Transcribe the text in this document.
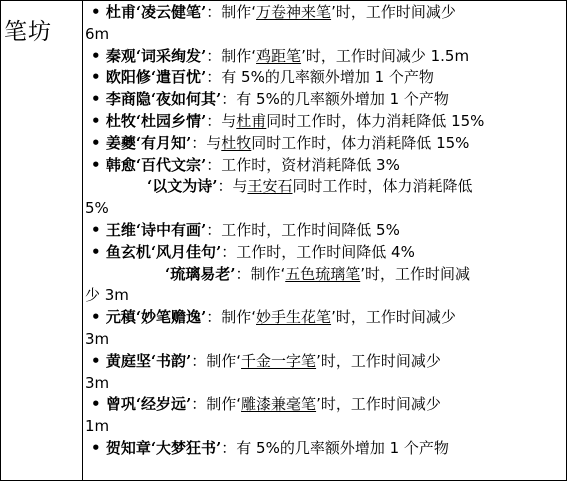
笔坊
• 杜甫‘凌云健笔’：制作‘万卷神来笔’时，工作时间减少
6m
• 秦观‘词采绚发’：制作‘鸡距笔’时，工作时间减少 1.5m
• 欧阳修‘遣百忧’：有 5%的几率额外增加 1 个产物
• 李商隐‘夜如何其’：有 5%的几率额外增加 1 个产物
• 杜牧‘杜园乡情’：与杜甫同时工作时，体力消耗降低 15%
• 姜夔‘有月知’：与杜牧同时工作时，体力消耗降低 15%
• 韩愈‘百代文宗’：工作时，资材消耗降低 3%
‘以文为诗’：与王安石同时工作时，体力消耗降低
5%
• 王维‘诗中有画’：工作时，工作时间降低 5%
• 鱼玄机‘风月佳句’：工作时，工作时间降低 4%
‘琉璃易老’：制作‘五色琉璃笔’时，工作时间减
少 3m
• 元稹‘妙笔赡逸’：制作‘妙手生花笔’时，工作时间减少
3m
• 黄庭坚‘书韵’：制作‘千金一字笔’时，工作时间减少
3m
• 曾巩‘经岁远’：制作‘雕漆兼毫笔’时，工作时间减少
1m
• 贺知章‘大梦狂书’：有 5%的几率额外增加 1 个产物
